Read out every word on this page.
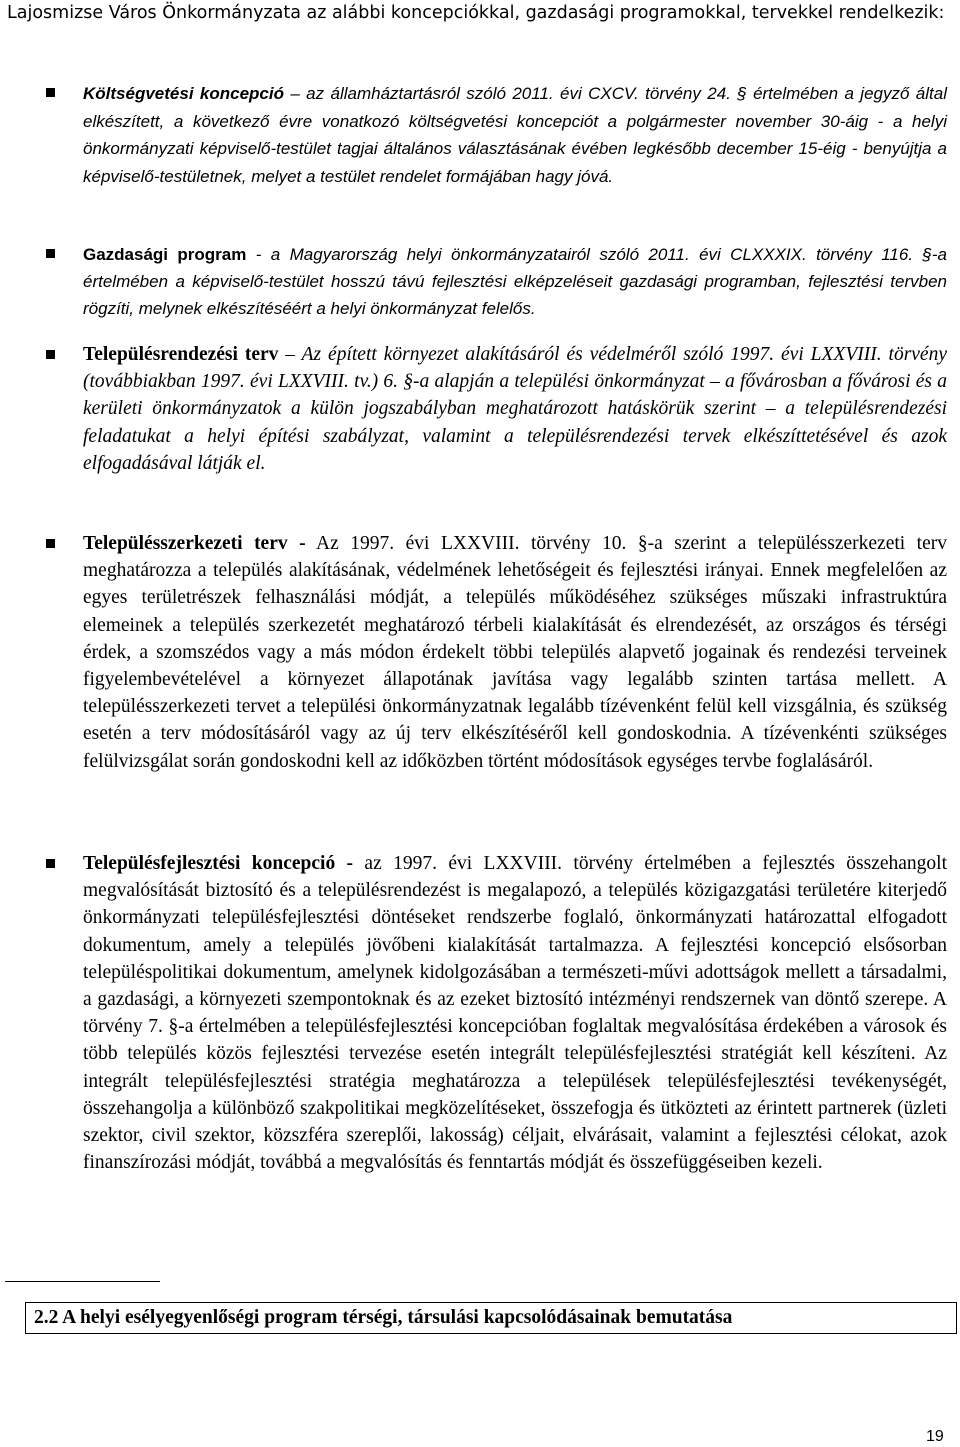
Lajosmizse Város Önkormányzata az alábbi koncepciókkal, gazdasági programokkal, tervekkel rendelkezik:

Költségvetési koncepció – az államháztartásról szóló 2011. évi CXCV. törvény 24. § értelmében a jegyző által elkészített, a következő évre vonatkozó költségvetési koncepciót a polgármester november 30-áig - a helyi önkormányzati képviselő-testület tagjai általános választásának évében legkésőbb december 15-éig - benyújtja a képviselő-testületnek, melyet a testület rendelet formájában hagy jóvá.

Gazdasági program - a Magyarország helyi önkormányzatairól szóló 2011. évi CLXXXIX. törvény 116. §-a értelmében a képviselő-testület hosszú távú fejlesztési elképzeléseit gazdasági programban, fejlesztési tervben rögzíti, melynek elkészítéséért a helyi önkormányzat felelős.

Településrendezési terv – Az épített környezet alakításáról és védelméről szóló 1997. évi LXXVIII. törvény (továbbiakban 1997. évi LXXVIII. tv.) 6. §-a alapján a települési önkormányzat – a fővárosban a fővárosi és a kerületi önkormányzatok a külön jogszabályban meghatározott hatáskörük szerint – a településrendezési feladatukat a helyi építési szabályzat, valamint a településrendezési tervek elkészíttetésével és azok elfogadásával látják el.

Településszerkezeti terv - Az 1997. évi LXXVIII. törvény 10. §-a szerint a településszerkezeti terv meghatározza a település alakításának, védelmének lehetőségeit és fejlesztési irányai. Ennek megfelelően az egyes területrészek felhasználási módját, a település működéséhez szükséges műszaki infrastruktúra elemeinek a település szerkezetét meghatározó térbeli kialakítását és elrendezését, az országos és térségi érdek, a szomszédos vagy a más módon érdekelt többi település alapvető jogainak és rendezési terveinek figyelembevételével a környezet állapotának javítása vagy legalább szinten tartása mellett. A településszerkezeti tervet a települési önkormányzatnak legalább tízévenként felül kell vizsgálnia, és szükség esetén a terv módosításáról vagy az új terv elkészítéséről kell gondoskodnia. A tízévenkénti szükséges felülvizsgálat során gondoskodni kell az időközben történt módosítások egységes tervbe foglalásáról.

Településfejlesztési koncepció - az 1997. évi LXXVIII. törvény értelmében a fejlesztés összehangolt megvalósítását biztosító és a településrendezést is megalapozó, a település közigazgatási területére kiterjedő önkormányzati településfejlesztési döntéseket rendszerbe foglaló, önkormányzati határozattal elfogadott dokumentum, amely a település jövőbeni kialakítását tartalmazza. A fejlesztési koncepció elsősorban településpolitikai dokumentum, amelynek kidolgozásában a természeti-művi adottságok mellett a társadalmi, a gazdasági, a környezeti szempontoknak és az ezeket biztosító intézményi rendszernek van döntő szerepe. A törvény 7. §-a értelmében a településfejlesztési koncepcióban foglaltak megvalósítása érdekében a városok és több település közös fejlesztési tervezése esetén integrált településfejlesztési stratégiát kell készíteni. Az integrált településfejlesztési stratégia meghatározza a települések településfejlesztési tevékenységét, összehangolja a különböző szakpolitikai megközelítéseket, összefogja és ütközteti az érintett partnerek (üzleti szektor, civil szektor, közszféra szereplői, lakosság) céljait, elvárásait, valamint a fejlesztési célokat, azok finanszírozási módját, továbbá a megvalósítás és fenntartás módját és összefüggéseiben kezeli.

2.2 A helyi esélyegyenlőségi program térségi, társulási kapcsolódásainak bemutatása

19
